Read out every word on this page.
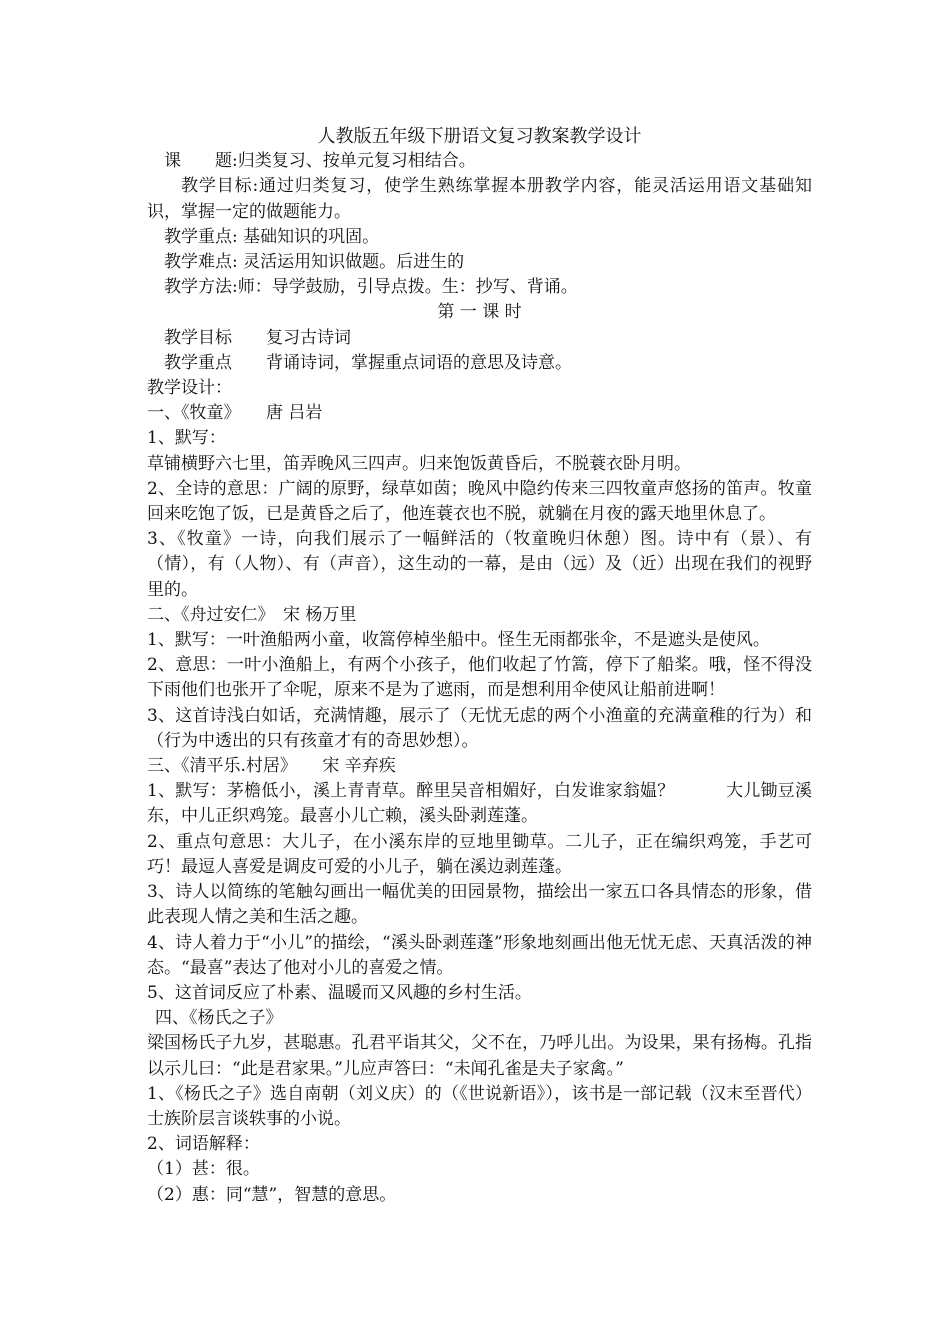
人教版五年级下册语文复习教案教学设计

课　　题:归类复习、按单元复习相结合。

教学目标:通过归类复习，使学生熟练掌握本册教学内容，能灵活运用语文基础知识，掌握一定的做题能力。

教学重点: 基础知识的巩固。

教学难点: 灵活运用知识做题。后进生的

教学方法:师：导学鼓励，引导点拨。生：抄写、背诵。

第 一 课 时

教学目标　　复习古诗词

教学重点　　背诵诗词，掌握重点词语的意思及诗意。

教学设计：

一、《牧童》　　唐 吕岩

1、默写：

草铺横野六七里，笛弄晚风三四声。归来饱饭黄昏后，不脱蓑衣卧月明。

2、全诗的意思：广阔的原野，绿草如茵；晚风中隐约传来三四牧童声悠扬的笛声。牧童回来吃饱了饭，已是黄昏之后了，他连蓑衣也不脱，就躺在月夜的露天地里休息了。

3、《牧童》一诗，向我们展示了一幅鲜活的（牧童晚归休憩）图。诗中有（景）、有（情），有（人物）、有（声音），这生动的一幕，是由（远）及（近）出现在我们的视野里的。

二、《舟过安仁》　宋 杨万里

1、默写：一叶渔船两小童，收篙停棹坐船中。怪生无雨都张伞，不是遮头是使风。

2、意思：一叶小渔船上，有两个小孩子，他们收起了竹篙，停下了船桨。哦，怪不得没下雨他们也张开了伞呢，原来不是为了遮雨，而是想利用伞使风让船前进啊！

3、这首诗浅白如话，充满情趣，展示了（无忧无虑的两个小渔童的充满童稚的行为）和（行为中透出的只有孩童才有的奇思妙想）。

三、《清平乐.村居》　　宋 辛弃疾

1、默写：茅檐低小，溪上青青草。醉里吴音相媚好，白发谁家翁媪？　　　大儿锄豆溪东，中儿正织鸡笼。最喜小儿亡赖，溪头卧剥莲蓬。

2、重点句意思：大儿子，在小溪东岸的豆地里锄草。二儿子，正在编织鸡笼，手艺可巧！最逗人喜爱是调皮可爱的小儿子，躺在溪边剥莲蓬。

3、诗人以简练的笔触勾画出一幅优美的田园景物，描绘出一家五口各具情态的形象，借此表现人情之美和生活之趣。

4、诗人着力于“小儿”的描绘，“溪头卧剥莲蓬”形象地刻画出他无忧无虑、天真活泼的神态。“最喜”表达了他对小儿的喜爱之情。

5、这首词反应了朴素、温暖而又风趣的乡村生活。

四、《杨氏之子》

梁国杨氏子九岁，甚聪惠。孔君平诣其父，父不在，乃呼儿出。为设果，果有扬梅。孔指以示儿曰：“此是君家果。”儿应声答曰：“未闻孔雀是夫子家禽。”

1、《杨氏之子》选自南朝（刘义庆）的（《世说新语》），该书是一部记载（汉末至晋代）士族阶层言谈轶事的小说。

2、词语解释：

（1）甚：很。

（2）惠：同“慧”，智慧的意思。
